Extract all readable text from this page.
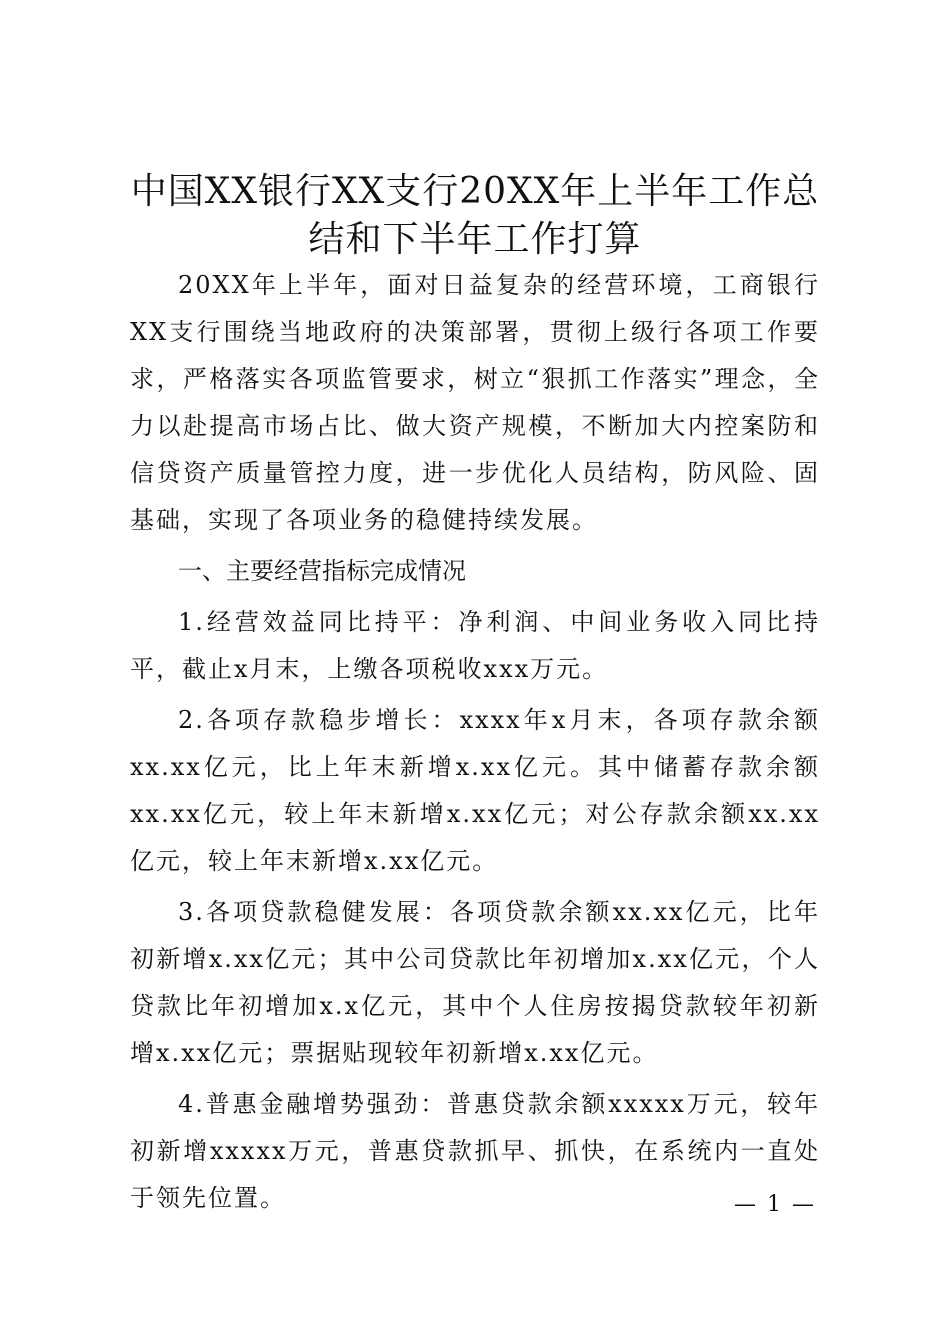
中国XX银行XX支行20XX年上半年工作总
结和下半年工作打算

20XX年上半年，面对日益复杂的经营环境，工商银行XX支行围绕当地政府的决策部署，贯彻上级行各项工作要求，严格落实各项监管要求，树立“狠抓工作落实”理念，全力以赴提高市场占比、做大资产规模，不断加大内控案防和信贷资产质量管控力度，进一步优化人员结构，防风险、固基础，实现了各项业务的稳健持续发展。

一、主要经营指标完成情况

1.经营效益同比持平：净利润、中间业务收入同比持平，截止x月末，上缴各项税收xxx万元。

2.各项存款稳步增长：xxxx年x月末，各项存款余额xx.xx亿元，比上年末新增x.xx亿元。其中储蓄存款余额xx.xx亿元，较上年末新增x.xx亿元；对公存款余额xx.xx亿元，较上年末新增x.xx亿元。

3.各项贷款稳健发展：各项贷款余额xx.xx亿元，比年初新增x.xx亿元；其中公司贷款比年初增加x.xx亿元，个人贷款比年初增加x.x亿元，其中个人住房按揭贷款较年初新增x.xx亿元；票据贴现较年初新增x.xx亿元。

4.普惠金融增势强劲：普惠贷款余额xxxxx万元，较年初新增xxxxx万元，普惠贷款抓早、抓快，在系统内一直处于领先位置。	— 1 —
